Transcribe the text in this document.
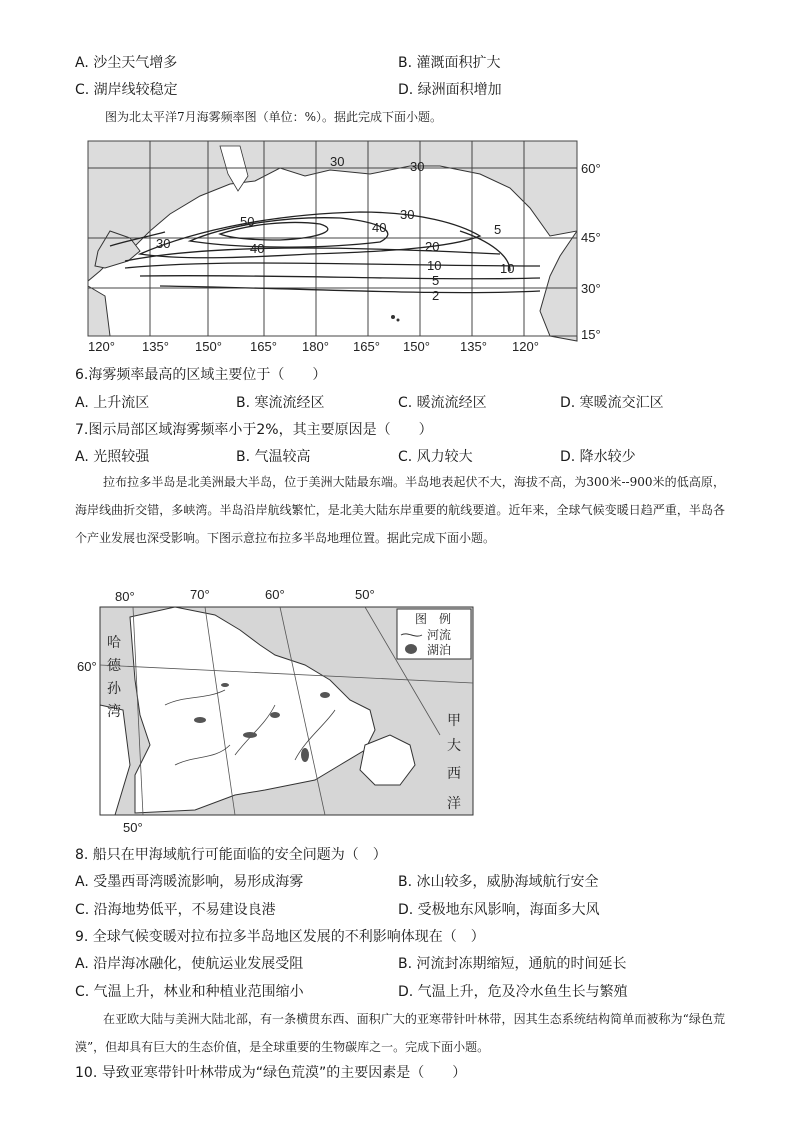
A. 沙尘天气增多	B. 灌溉面积扩大
C. 湖岸线较稳定	D. 绿洲面积增加
图为北太平洋7月海雾频率图（单位：%）。据此完成下面小题。
30	30
30
50
40
40
30
20
10	10
5
5
2
60°
45°
30°
15°
120° 135° 150° 165° 180° 165° 150° 135° 120°
6.海雾频率最高的区域主要位于（　　）
A. 上升流区	B. 寒流流经区	C. 暖流流经区	D. 寒暖流交汇区
7.图示局部区域海雾频率小于2%，其主要原因是（　　）
A. 光照较强	B. 气温较高	C. 风力较大	D. 降水较少
拉布拉多半岛是北美洲最大半岛，位于美洲大陆最东端。半岛地表起伏不大，海拔不高，为300米--900米的低高原，海岸线曲折交错，多峡湾。半岛沿岸航线繁忙，是北美大陆东岸重要的航线要道。近年来，全球气候变暖日趋严重，半岛各个产业发展也深受影响。下图示意拉布拉多半岛地理位置。据此完成下面小题。
80°	70°	60°	50°
60°
50°
哈
德
孙
湾
甲
大
西
洋
图　例
河流
湖泊
8. 船只在甲海域航行可能面临的安全问题为（　）
A. 受墨西哥湾暖流影响，易形成海雾	B. 冰山较多，威胁海域航行安全
C. 沿海地势低平，不易建设良港	D. 受极地东风影响，海面多大风
9. 全球气候变暖对拉布拉多半岛地区发展的不利影响体现在（　）
A. 沿岸海冰融化，使航运业发展受阻	B. 河流封冻期缩短，通航的时间延长
C. 气温上升，林业和种植业范围缩小	D. 气温上升，危及冷水鱼生长与繁殖
在亚欧大陆与美洲大陆北部，有一条横贯东西、面积广大的亚寒带针叶林带，因其生态系统结构简单而被称为“绿色荒漠”，但却具有巨大的生态价值，是全球重要的生物碳库之一。完成下面小题。
10. 导致亚寒带针叶林带成为“绿色荒漠”的主要因素是（　　）
